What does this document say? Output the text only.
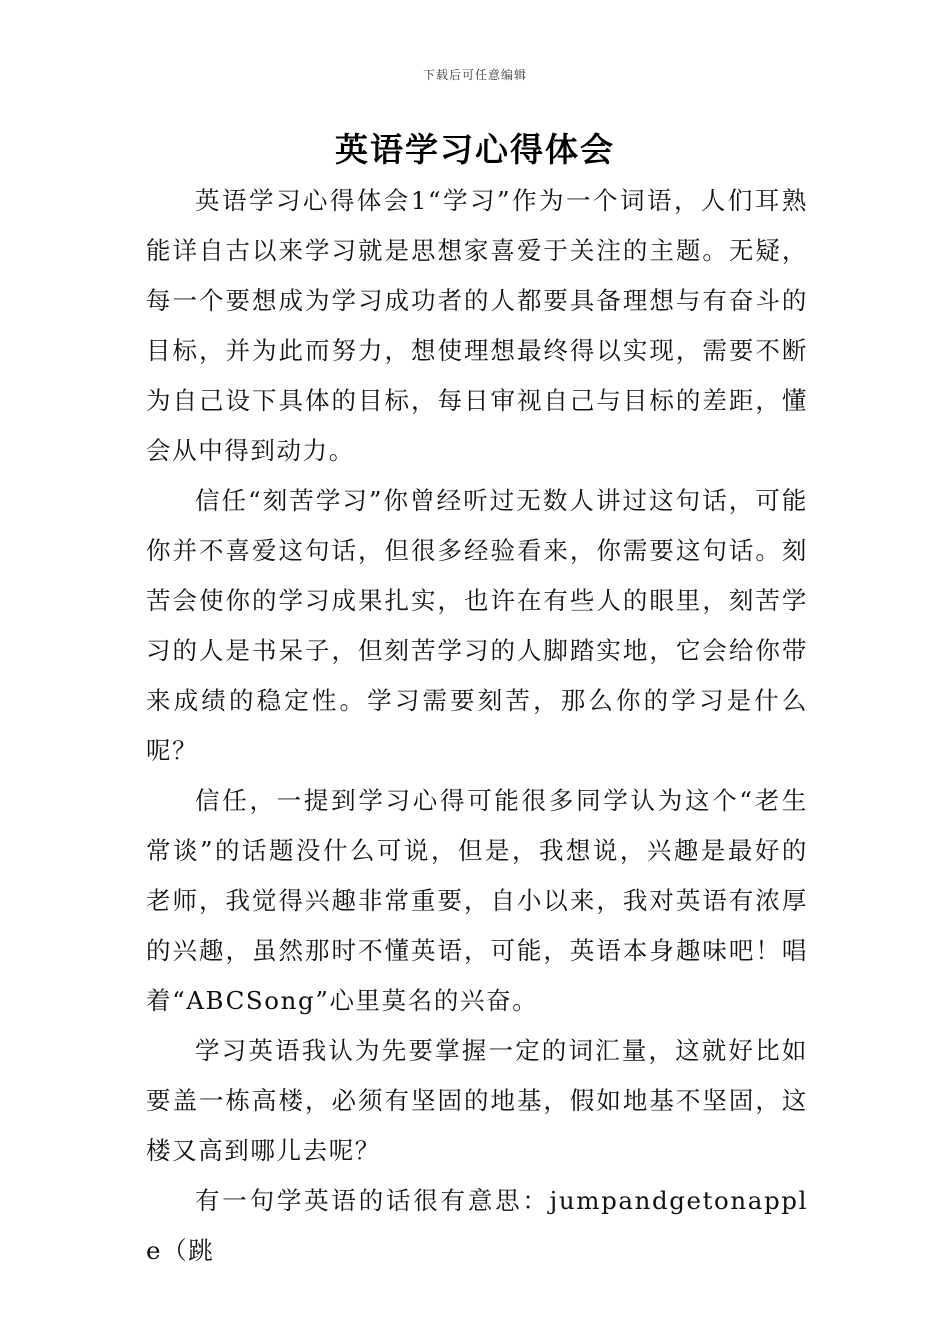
下载后可任意编辑
英语学习心得体会

英语学习心得体会1“学习”作为一个词语，人们耳熟能详自古以来学习就是思想家喜爱于关注的主题。无疑，每一个要想成为学习成功者的人都要具备理想与有奋斗的目标，并为此而努力，想使理想最终得以实现，需要不断为自己设下具体的目标，每日审视自己与目标的差距，懂会从中得到动力。

信任“刻苦学习”你曾经听过无数人讲过这句话，可能你并不喜爱这句话，但很多经验看来，你需要这句话。刻苦会使你的学习成果扎实，也许在有些人的眼里，刻苦学习的人是书呆子，但刻苦学习的人脚踏实地，它会给你带来成绩的稳定性。学习需要刻苦，那么你的学习是什么呢？

信任，一提到学习心得可能很多同学认为这个“老生常谈”的话题没什么可说，但是，我想说，兴趣是最好的老师，我觉得兴趣非常重要，自小以来，我对英语有浓厚的兴趣，虽然那时不懂英语，可能，英语本身趣味吧！唱着“ABCSong”心里莫名的兴奋。

学习英语我认为先要掌握一定的词汇量，这就好比如要盖一栋高楼，必须有坚固的地基，假如地基不坚固，这楼又高到哪儿去呢？

有一句学英语的话很有意思：jumpandgetonapple（跳
